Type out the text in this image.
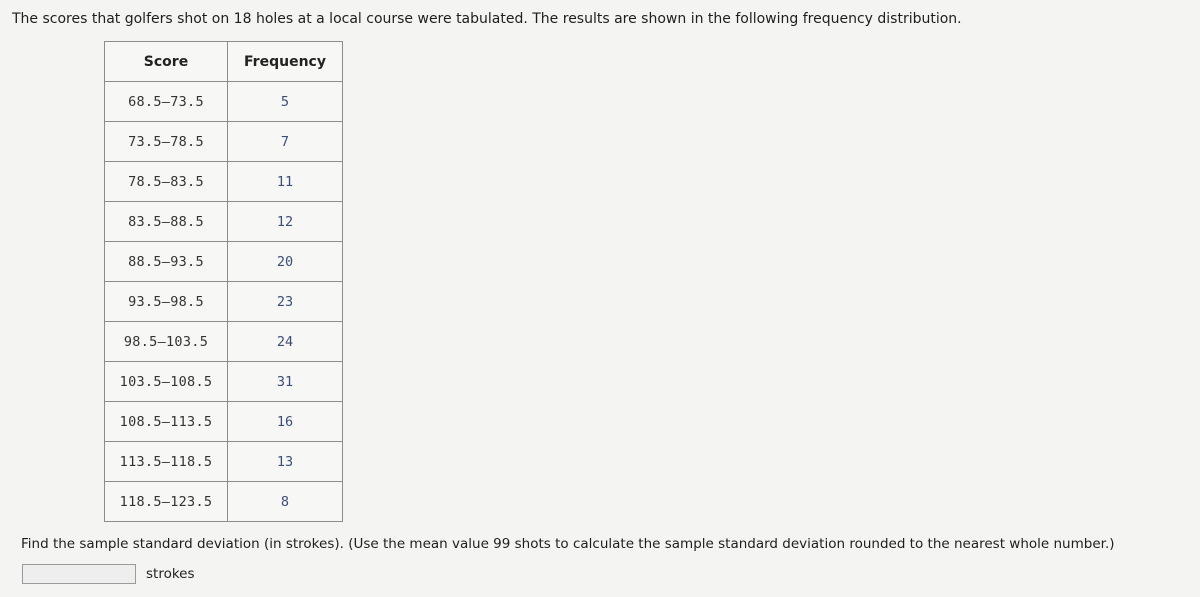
The scores that golfers shot on 18 holes at a local course were tabulated. The results are shown in the following frequency distribution.
Score	Frequency
68.5–73.5	5
73.5–78.5	7
78.5–83.5	11
83.5–88.5	12
88.5–93.5	20
93.5–98.5	23
98.5–103.5	24
103.5–108.5	31
108.5–113.5	16
113.5–118.5	13
118.5–123.5	8
Find the sample standard deviation (in strokes). (Use the mean value 99 shots to calculate the sample standard deviation rounded to the nearest whole number.)
strokes
